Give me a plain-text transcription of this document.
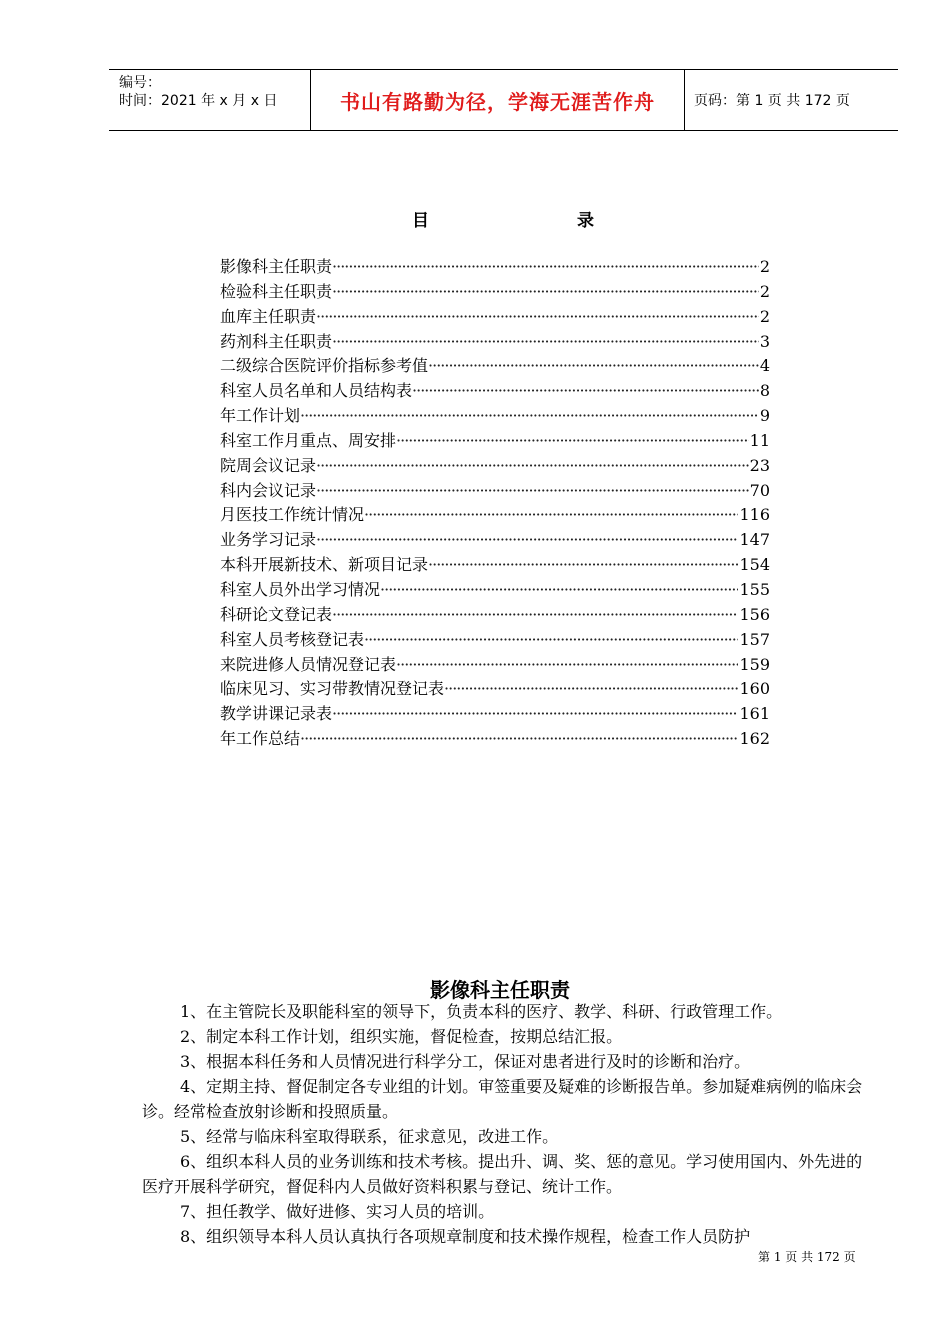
编号：
时间：2021 年 x 月 x 日	书山有路勤为径，学海无涯苦作舟	页码：第 1 页 共 172 页
目	录
影像科主任职责 ·····	2
检验科主任职责 ·····	2
血库主任职责 ·····	2
药剂科主任职责 ·····	3
二级综合医院评价指标参考值 ·····	4
科室人员名单和人员结构表 ·····	8
年工作计划 ·····	9
科室工作月重点、周安排 ·····	11
院周会议记录 ·····	23
科内会议记录 ·····	70
月医技工作统计情况 ·····	116
业务学习记录 ·····	147
本科开展新技术、新项目记录 ·····	154
科室人员外出学习情况 ·····	155
科研论文登记表 ·····	156
科室人员考核登记表 ·····	157
来院进修人员情况登记表 ·····	159
临床见习、实习带教情况登记表 ·····	160
教学讲课记录表 ·····	161
年工作总结 ·····	162
影像科主任职责
1、在主管院长及职能科室的领导下，负责本科的医疗、教学、科研、行政管理工作。
2、制定本科工作计划，组织实施，督促检查，按期总结汇报。
3、根据本科任务和人员情况进行科学分工，保证对患者进行及时的诊断和治疗。
4、定期主持、督促制定各专业组的计划。审签重要及疑难的诊断报告单。参加疑难病例的临床会诊。经常检查放射诊断和投照质量。
5、经常与临床科室取得联系，征求意见，改进工作。
6、组织本科人员的业务训练和技术考核。提出升、调、奖、惩的意见。学习使用国内、外先进的医疗开展科学研究，督促科内人员做好资料积累与登记、统计工作。
7、担任教学、做好进修、实习人员的培训。
8、组织领导本科人员认真执行各项规章制度和技术操作规程，检查工作人员防护
第 1 页 共 172 页
